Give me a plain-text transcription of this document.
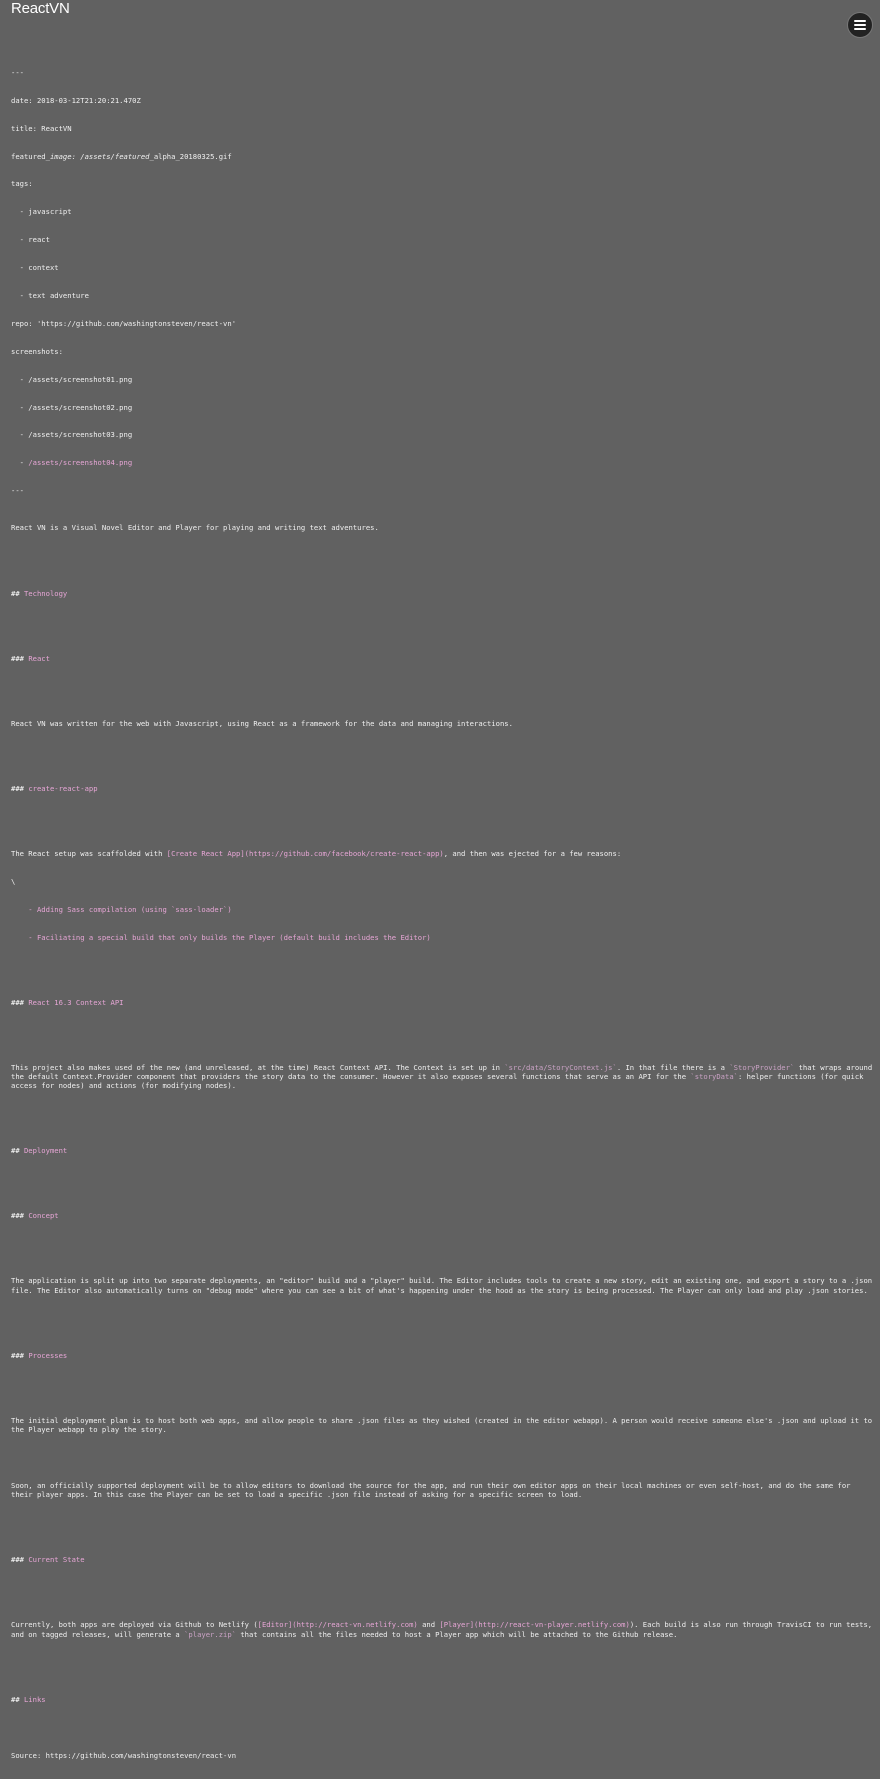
ReactVN

---

date: 2018-03-12T21:20:21.470Z

title: ReactVN

featured_image: /assets/featured_alpha_20180325.gif

tags:

- javascript

- react

- context

- text adventure

repo: 'https://github.com/washingtonsteven/react-vn'

screenshots:

- /assets/screenshot01.png

- /assets/screenshot02.png

- /assets/screenshot03.png

- /assets/screenshot04.png

---

React VN is a Visual Novel Editor and Player for playing and writing text adventures.

## Technology

### React

React VN was written for the web with Javascript, using React as a framework for the data and managing interactions.

### create-react-app

The React setup was scaffolded with [Create React App](https://github.com/facebook/create-react-app), and then was ejected for a few reasons:

\

- Adding Sass compilation (using `sass-loader`)

- Faciliating a special build that only builds the Player (default build includes the Editor)

### React 16.3 Context API

This project also makes used of the new (and unreleased, at the time) React Context API. The Context is set up in `src/data/StoryContext.js`. In that file there is a `StoryProvider` that wraps around the default Context.Provider component that providers the story data to the consumer. However it also exposes several functions that serve as an API for the `storyData`: helper functions (for quick access for nodes) and actions (for modifying nodes).

## Deployment

### Concept

The application is split up into two separate deployments, an "editor" build and a "player" build. The Editor includes tools to create a new story, edit an existing one, and export a story to a .json file. The Editor also automatically turns on "debug mode" where you can see a bit of what's happening under the hood as the story is being processed. The Player can only load and play .json stories.

### Processes

The initial deployment plan is to host both web apps, and allow people to share .json files as they wished (created in the editor webapp). A person would receive someone else's .json and upload it to the Player webapp to play the story.

Soon, an officially supported deployment will be to allow editors to download the source for the app, and run their own editor apps on their local machines or even self-host, and do the same for their player apps. In this case the Player can be set to load a specific .json file instead of asking for a specific screen to load.

### Current State

Currently, both apps are deployed via Github to Netlify ([Editor](http://react-vn.netlify.com) and [Player](http://react-vn-player.netlify.com)). Each build is also run through TravisCI to run tests, and on tagged releases, will generate a `player.zip` that contains all the files needed to host a Player app which will be attached to the Github release.

## Links

Source: https://github.com/washingtonsteven/react-vn
